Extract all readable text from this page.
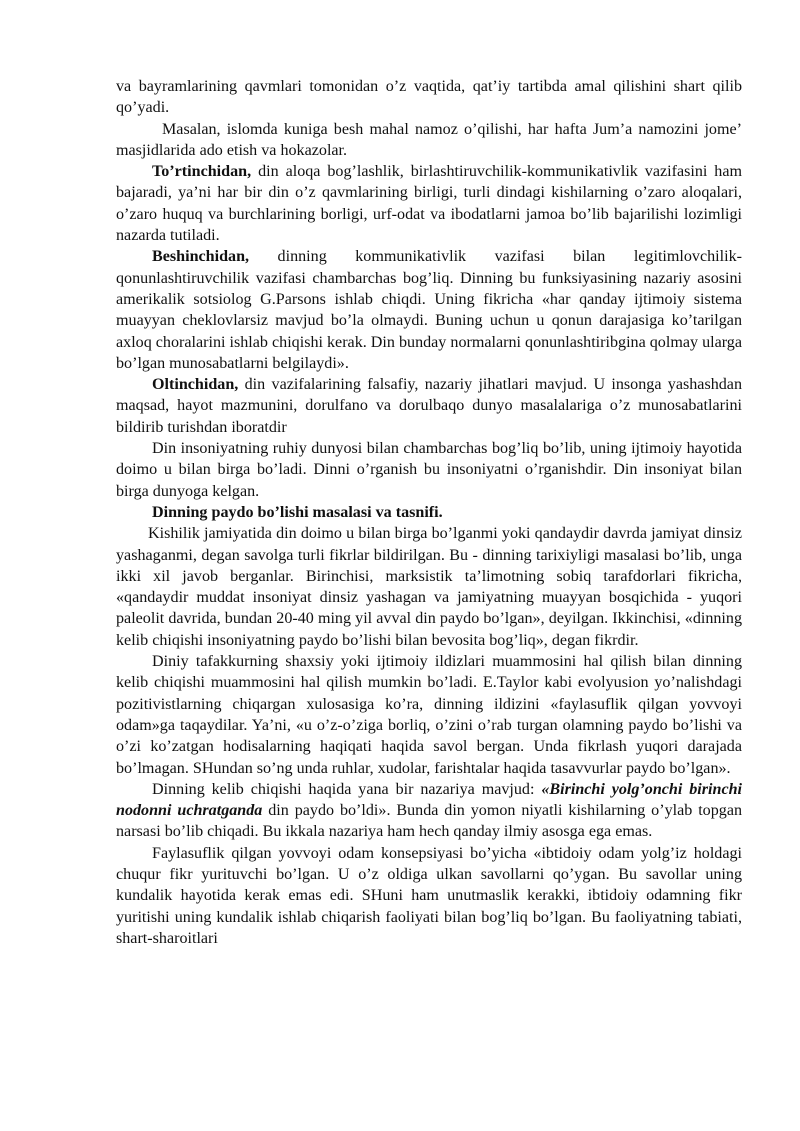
va bayramlarining qavmlari tomonidan o’z vaqtida, qat’iy tartibda amal qilishini shart qilib qo’yadi.

Masalan, islomda kuniga besh mahal namoz o’qilishi, har hafta Jum’a namozini jome’ masjidlarida ado etish va hokazolar.

To’rtinchidan, din aloqa bog’lashlik, birlashtiruvchilik-kommunikativlik vazifasini ham bajaradi, ya’ni har bir din o’z qavmlarining birligi, turli dindagi kishilarning o’zaro aloqalari, o’zaro huquq va burchlarining borligi, urf-odat va ibodatlarni jamoa bo’lib bajarilishi lozimligi nazarda tutiladi.

Beshinchidan, dinning kommunikativlik vazifasi bilan legitimlovchilik-qonunlashtiruvchilik vazifasi chambarchas bog’liq. Dinning bu funksiyasining nazariy asosini amerikalik sotsiolog G.Parsons ishlab chiqdi. Uning fikricha «har qanday ijtimoiy sistema muayyan cheklovlarsiz mavjud bo’la olmaydi. Buning uchun u qonun darajasiga ko’tarilgan axloq choralarini ishlab chiqishi kerak. Din bunday normalarni qonunlashtiribgina qolmay ularga bo’lgan munosabatlarni belgilaydi».

Oltinchidan, din vazifalarining falsafiy, nazariy jihatlari mavjud. U insonga yashashdan maqsad, hayot mazmunini, dorulfano va dorulbaqo dunyo masalalariga o’z munosabatlarini bildirib turishdan iboratdir

Din insoniyatning ruhiy dunyosi bilan chambarchas bog’liq bo’lib, uning ijtimoiy hayotida doimo u bilan birga bo’ladi. Dinni o’rganish bu insoniyatni o’rganishdir. Din insoniyat bilan birga dunyoga kelgan.

Dinning paydo bo’lishi masalasi va tasnifi.

Kishilik jamiyatida din doimo u bilan birga bo’lganmi yoki qandaydir davrda jamiyat dinsiz yashaganmi, degan savolga turli fikrlar bildirilgan. Bu - dinning tarixiyligi masalasi bo’lib, unga ikki xil javob berganlar. Birinchisi, marksistik ta’limotning sobiq tarafdorlari fikricha, «qandaydir muddat insoniyat dinsiz yashagan va jamiyatning muayyan bosqichida - yuqori paleolit davrida, bundan 20-40 ming yil avval din paydo bo’lgan», deyilgan. Ikkinchisi, «dinning kelib chiqishi insoniyatning paydo bo’lishi bilan bevosita bog’liq», degan fikrdir.

Diniy tafakkurning shaxsiy yoki ijtimoiy ildizlari muammosini hal qilish bilan dinning kelib chiqishi muammosini hal qilish mumkin bo’ladi. E.Taylor kabi evolyusion yo’nalishdagi pozitivistlarning chiqargan xulosasiga ko’ra, dinning ildizini «faylasuflik qilgan yovvoyi odam»ga taqaydilar. Ya’ni, «u o’z-o’ziga borliq, o’zini o’rab turgan olamning paydo bo’lishi va o’zi ko’zatgan hodisalarning haqiqati haqida savol bergan. Unda fikrlash yuqori darajada bo’lmagan. SHundan so’ng unda ruhlar, xudolar, farishtalar haqida tasavvurlar paydo bo’lgan».

Dinning kelib chiqishi haqida yana bir nazariya mavjud: «Birinchi yolg’onchi birinchi nodonni uchratganda din paydo bo’ldi». Bunda din yomon niyatli kishilarning o’ylab topgan narsasi bo’lib chiqadi. Bu ikkala nazariya ham hech qanday ilmiy asosga ega emas.

Faylasuflik qilgan yovvoyi odam konsepsiyasi bo’yicha «ibtidoiy odam yolg’iz holdagi chuqur fikr yurituvchi bo’lgan. U o’z oldiga ulkan savollarni qo’ygan. Bu savollar uning kundalik hayotida kerak emas edi. SHuni ham unutmaslik kerakki, ibtidoiy odamning fikr yuritishi uning kundalik ishlab chiqarish faoliyati bilan bog’liq bo’lgan. Bu faoliyatning tabiati, shart-sharoitlari
